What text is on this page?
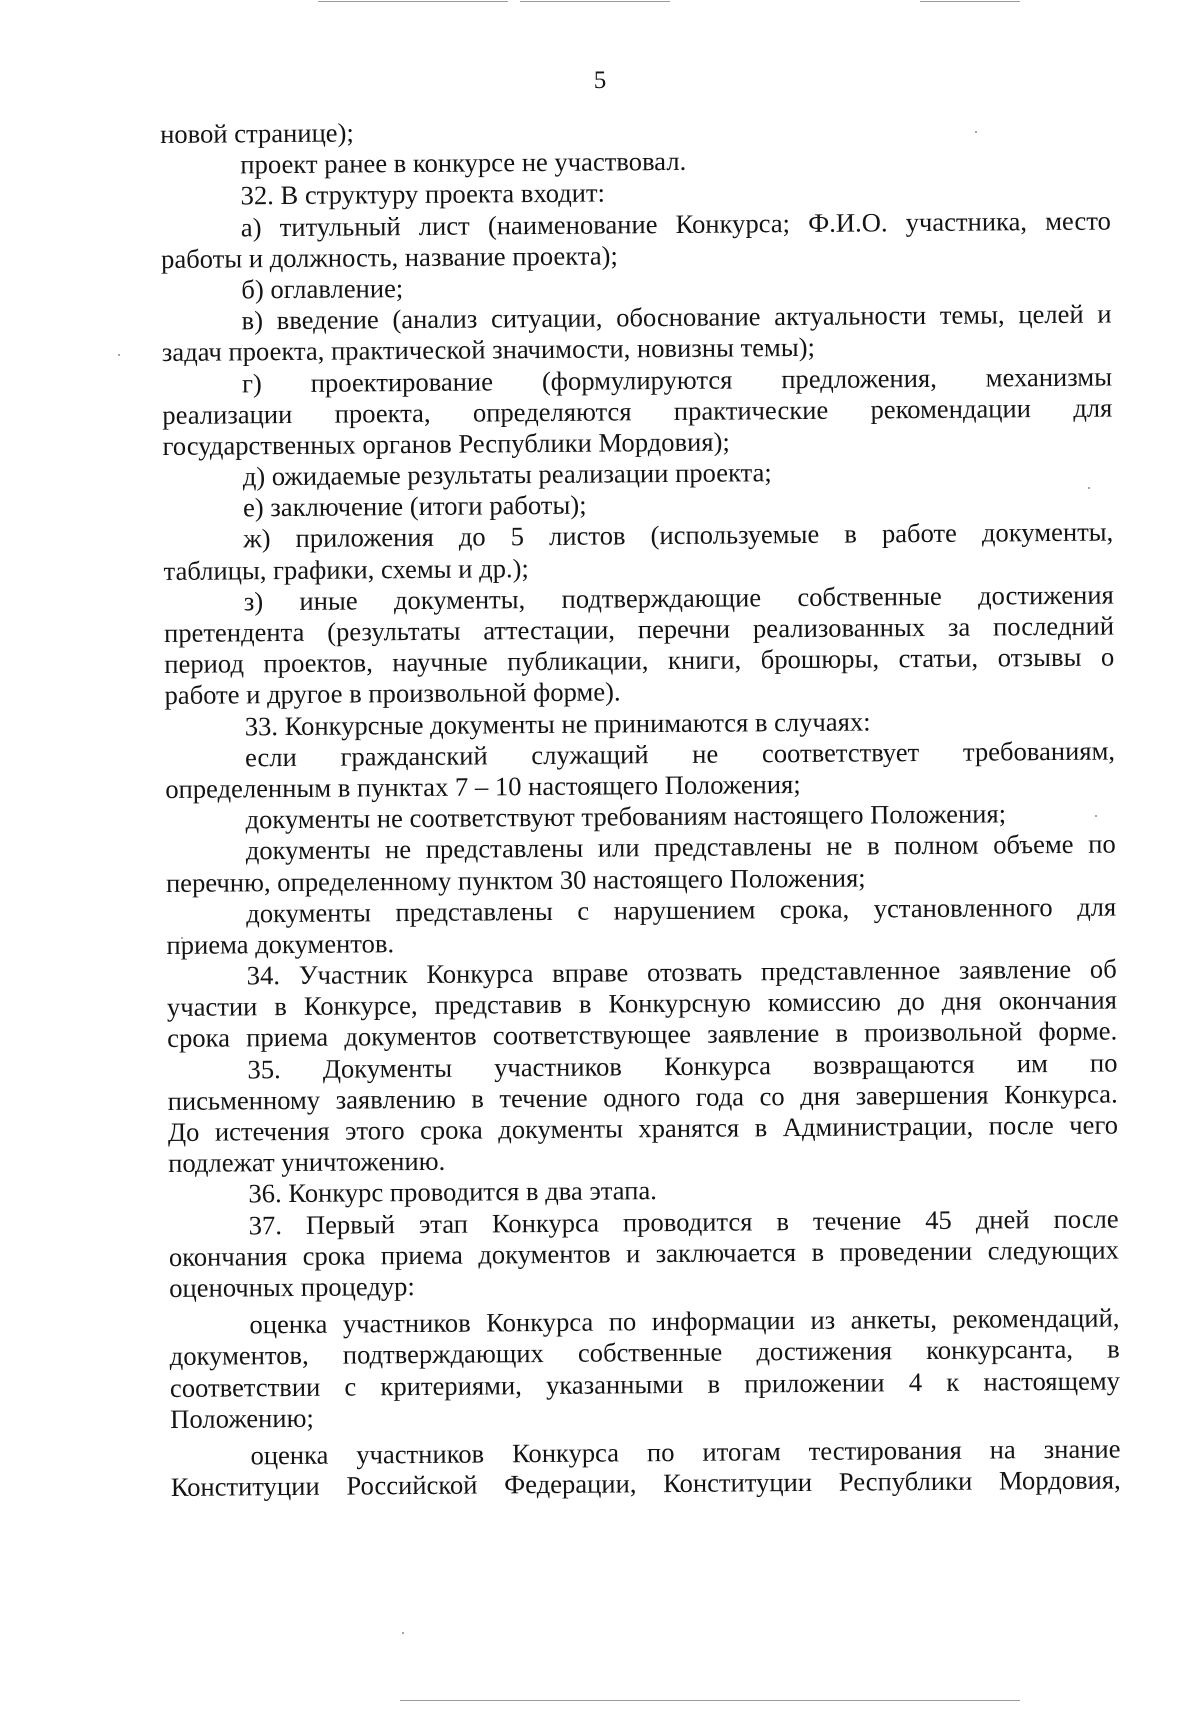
5
новой странице);
проект ранее в конкурсе не участвовал.
32. В структуру проекта входит:
а) титульный лист (наименование Конкурса; Ф.И.О. участника, место
работы и должность, название проекта);
б) оглавление;
в) введение (анализ ситуации, обоснование актуальности темы, целей и
задач проекта, практической значимости, новизны темы);
г) проектирование (формулируются предложения, механизмы
реализации проекта, определяются практические рекомендации для
государственных органов Республики Мордовия);
д) ожидаемые результаты реализации проекта;
е) заключение (итоги работы);
ж) приложения до 5 листов (используемые в работе документы,
таблицы, графики, схемы и др.);
з) иные документы, подтверждающие собственные достижения
претендента (результаты аттестации, перечни реализованных за последний
период проектов, научные публикации, книги, брошюры, статьи, отзывы о
работе и другое в произвольной форме).
33. Конкурсные документы не принимаются в случаях:
если гражданский служащий не соответствует требованиям,
определенным в пунктах 7 – 10 настоящего Положения;
документы не соответствуют требованиям настоящего Положения;
документы не представлены или представлены не в полном объеме по
перечню, определенному пунктом 30 настоящего Положения;
документы представлены с нарушением срока, установленного для
приема документов.
34. Участник Конкурса вправе отозвать представленное заявление об
участии в Конкурсе, представив в Конкурсную комиссию до дня окончания
срока приема документов соответствующее заявление в произвольной форме.
35. Документы участников Конкурса возвращаются им по
письменному заявлению в течение одного года со дня завершения Конкурса.
До истечения этого срока документы хранятся в Администрации, после чего
подлежат уничтожению.
36. Конкурс проводится в два этапа.
37. Первый этап Конкурса проводится в течение 45 дней после
окончания срока приема документов и заключается в проведении следующих
оценочных процедур:
оценка участников Конкурса по информации из анкеты, рекомендаций,
документов, подтверждающих собственные достижения конкурсанта, в
соответствии с критериями, указанными в приложении 4 к настоящему
Положению;
оценка участников Конкурса по итогам тестирования на знание
Конституции Российской Федерации, Конституции Республики Мордовия,
